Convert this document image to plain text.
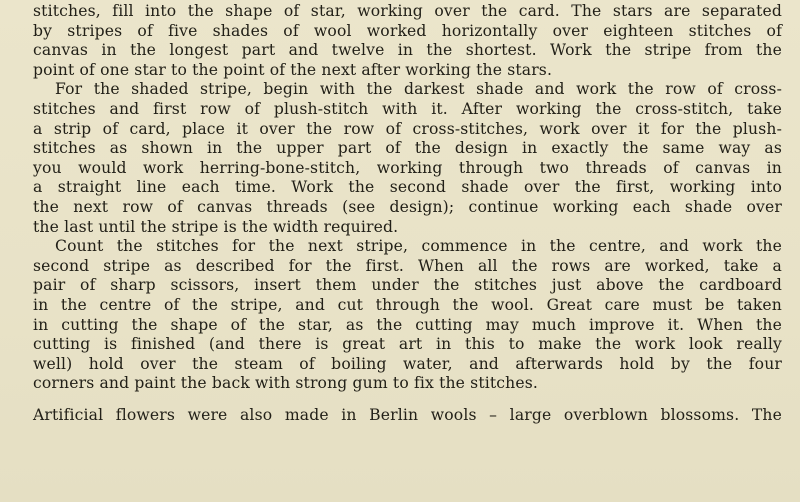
stitches, fill into the shape of star, working over the card. The stars are separated
by stripes of five shades of wool worked horizontally over eighteen stitches of
canvas in the longest part and twelve in the shortest. Work the stripe from the
point of one star to the point of the next after working the stars.

For the shaded stripe, begin with the darkest shade and work the row of cross-
stitches and first row of plush-stitch with it. After working the cross-stitch, take
a strip of card, place it over the row of cross-stitches, work over it for the plush-
stitches as shown in the upper part of the design in exactly the same way as
you would work herring-bone-stitch, working through two threads of canvas in
a straight line each time. Work the second shade over the first, working into
the next row of canvas threads (see design); continue working each shade over
the last until the stripe is the width required.

Count the stitches for the next stripe, commence in the centre, and work the
second stripe as described for the first. When all the rows are worked, take a
pair of sharp scissors, insert them under the stitches just above the cardboard
in the centre of the stripe, and cut through the wool. Great care must be taken
in cutting the shape of the star, as the cutting may much improve it. When the
cutting is finished (and there is great art in this to make the work look really
well) hold over the steam of boiling water, and afterwards hold by the four
corners and paint the back with strong gum to fix the stitches.

Artificial flowers were also made in Berlin wools – large overblown blossoms. The
